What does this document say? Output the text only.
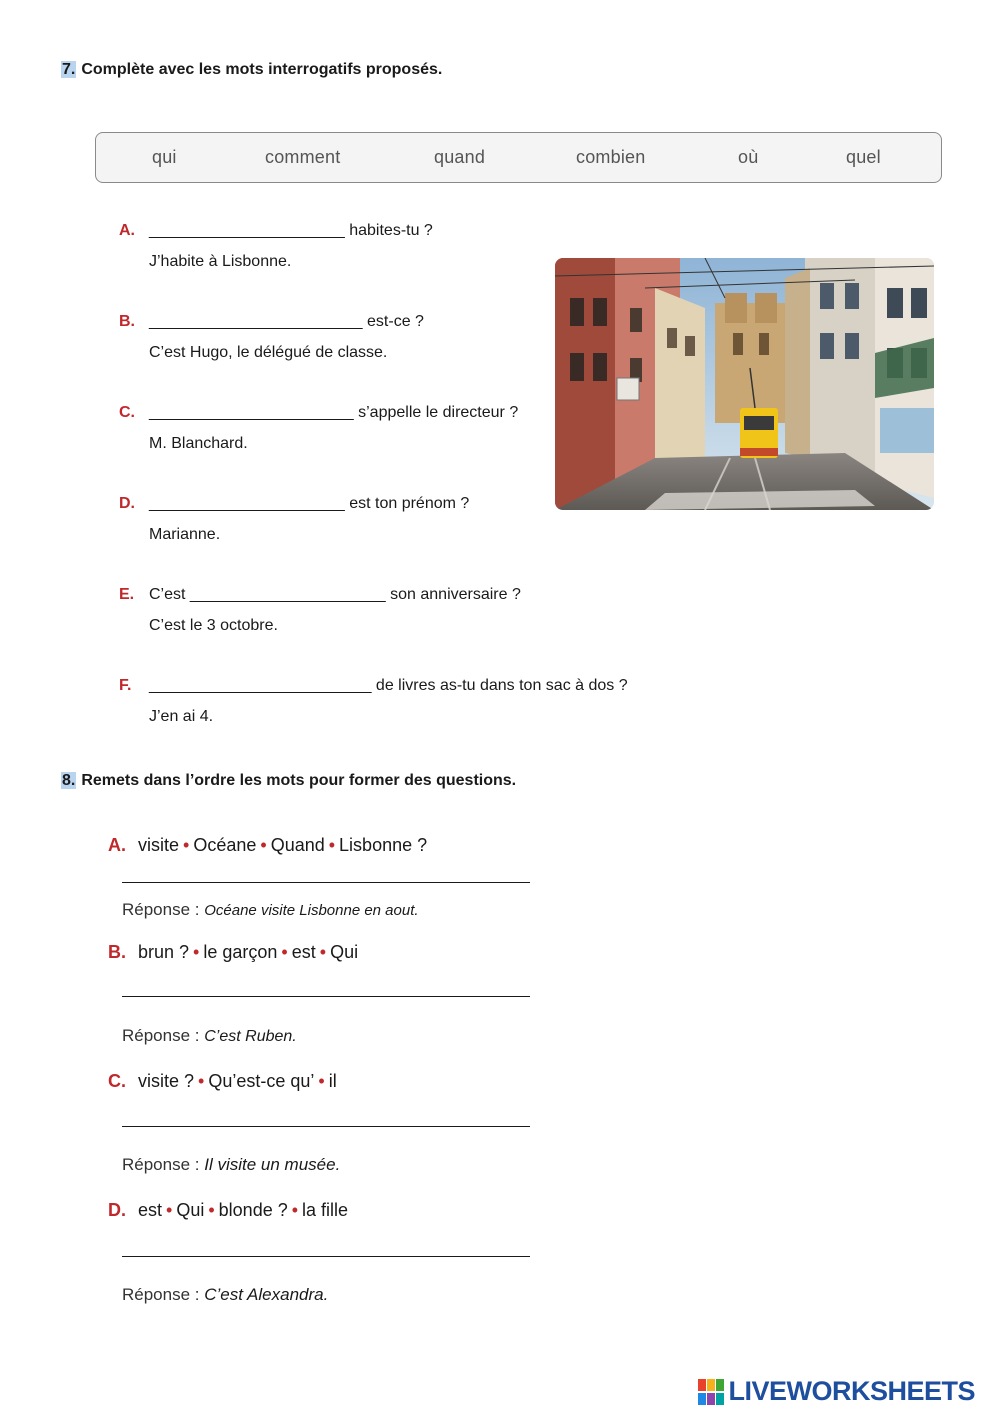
7. Complète avec les mots interrogatifs proposés.
qui	comment	quand	combien	où	quel
A. ______________________ habites-tu ?
J’habite à Lisbonne.
B. ________________________ est-ce ?
C’est Hugo, le délégué de classe.
C. _______________________ s’appelle le directeur ?
M. Blanchard.
D. ______________________ est ton prénom ?
Marianne.
E. C’est ______________________ son anniversaire ?
C’est le 3 octobre.
F. _________________________ de livres as-tu dans ton sac à dos ?
J’en ai 4.
8. Remets dans l’ordre les mots pour former des questions.
A. visite • Océane • Quand • Lisbonne ?
Réponse : Océane visite Lisbonne en aout.
B. brun ? • le garçon • est • Qui
Réponse : C’est Ruben.
C. visite ? • Qu’est-ce qu’ • il
Réponse : Il visite un musée.
D. est • Qui • blonde ? • la fille
Réponse : C’est Alexandra.
LIVEWORKSHEETS
